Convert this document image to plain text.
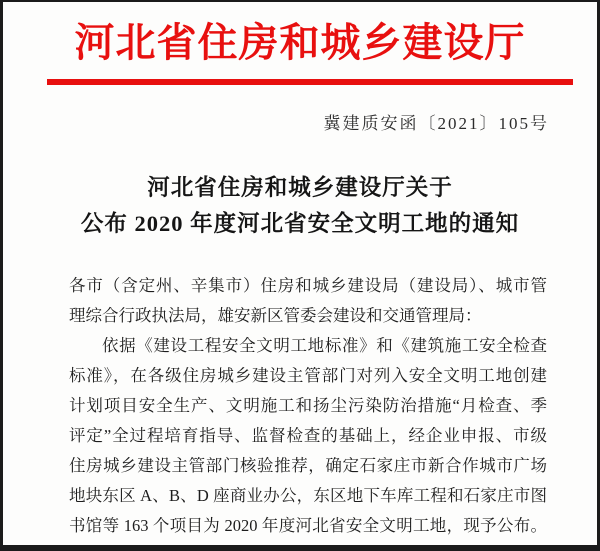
河北省住房和城乡建设厅
冀建质安函〔2021〕105号
河北省住房和城乡建设厅关于
公布 2020 年度河北省安全文明工地的通知
各市（含定州、辛集市）住房和城乡建设局（建设局）、城市管
理综合行政执法局，雄安新区管委会建设和交通管理局：
依据《建设工程安全文明工地标准》和《建筑施工安全检查
标准》，在各级住房城乡建设主管部门对列入安全文明工地创建
计划项目安全生产、文明施工和扬尘污染防治措施“月检查、季
评定”全过程培育指导、监督检查的基础上，经企业申报、市级
住房城乡建设主管部门核验推荐，确定石家庄市新合作城市广场
地块东区 A、B、D 座商业办公，东区地下车库工程和石家庄市图
书馆等 163 个项目为 2020 年度河北省安全文明工地，现予公布。
